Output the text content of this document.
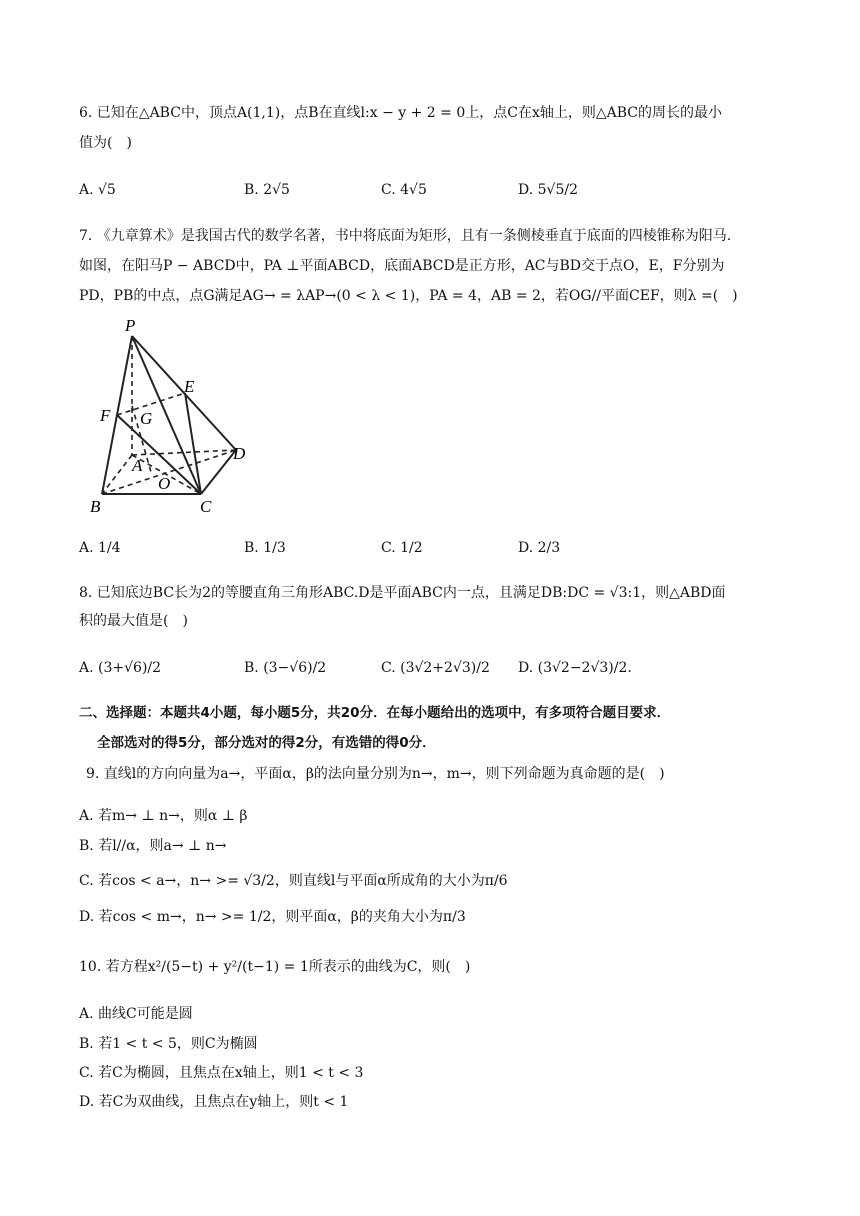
6. 已知在△ABC中，顶点A(1,1)，点B在直线l:x − y + 2 = 0上，点C在x轴上，则△ABC的周长的最小
值为(　)
A. √5	B. 2√5	C. 4√5	D. 5√5/2
7. 《九章算术》是我国古代的数学名著，书中将底面为矩形，且有一条侧棱垂直于底面的四棱锥称为阳马.
如图，在阳马P − ABCD中，PA ⊥平面ABCD，底面ABCD是正方形，AC与BD交于点O，E，F分别为
PD，PB的中点，点G满足AG→ = λAP→(0 < λ < 1)，PA = 4，AB = 2，若OG//平面CEF，则λ =(　)
P
E
F G
D
A
O
B	C
A. 1/4	B. 1/3	C. 1/2	D. 2/3
8. 已知底边BC长为2的等腰直角三角形ABC.D是平面ABC内一点，且满足DB:DC = √3:1，则△ABD面
积的最大值是(　)
A. (3+√6)/2	B. (3−√6)/2	C. (3√2+2√3)/2 D. (3√2−2√3)/2.
二、选择题：本题共4小题，每小题5分，共20分．在每小题给出的选项中，有多项符合题目要求．
全部选对的得5分，部分选对的得2分，有选错的得0分．
9. 直线l的方向向量为a→，平面α，β的法向量分别为n→，m→，则下列命题为真命题的是(　)
A. 若m→ ⊥ n→，则α ⊥ β
B. 若l//α，则a→ ⊥ n→
C. 若cos < a→，n→ >= √3/2，则直线l与平面α所成角的大小为π/6
D. 若cos < m→，n→ >= 1/2，则平面α，β的夹角大小为π/3
10. 若方程x²/(5−t) + y²/(t−1) = 1所表示的曲线为C，则(　)
A. 曲线C可能是圆
B. 若1 < t < 5，则C为椭圆
C. 若C为椭圆，且焦点在x轴上，则1 < t < 3
D. 若C为双曲线，且焦点在y轴上，则t < 1
